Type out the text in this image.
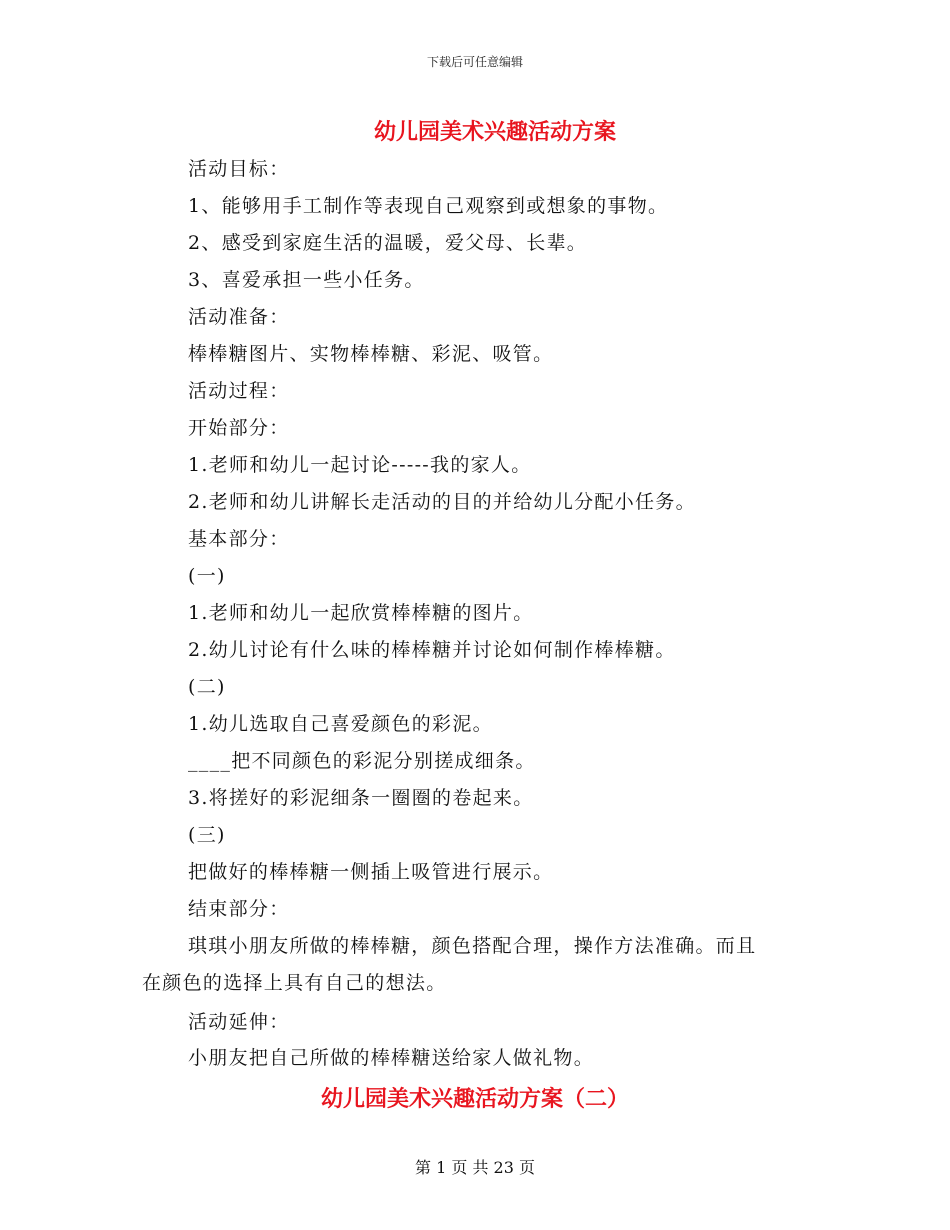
下载后可任意编辑
幼儿园美术兴趣活动方案
活动目标：
1、能够用手工制作等表现自己观察到或想象的事物。
2、感受到家庭生活的温暖，爱父母、长辈。
3、喜爱承担一些小任务。
活动准备：
棒棒糖图片、实物棒棒糖、彩泥、吸管。
活动过程：
开始部分：
1.老师和幼儿一起讨论-----我的家人。
2.老师和幼儿讲解长走活动的目的并给幼儿分配小任务。
基本部分：
(一)
1.老师和幼儿一起欣赏棒棒糖的图片。
2.幼儿讨论有什么味的棒棒糖并讨论如何制作棒棒糖。
(二)
1.幼儿选取自己喜爱颜色的彩泥。
____把不同颜色的彩泥分别搓成细条。
3.将搓好的彩泥细条一圈圈的卷起来。
(三)
把做好的棒棒糖一侧插上吸管进行展示。
结束部分：
琪琪小朋友所做的棒棒糖，颜色搭配合理，操作方法准确。而且
在颜色的选择上具有自己的想法。
活动延伸：
小朋友把自己所做的棒棒糖送给家人做礼物。
幼儿园美术兴趣活动方案（二）
第 1 页 共 23 页
